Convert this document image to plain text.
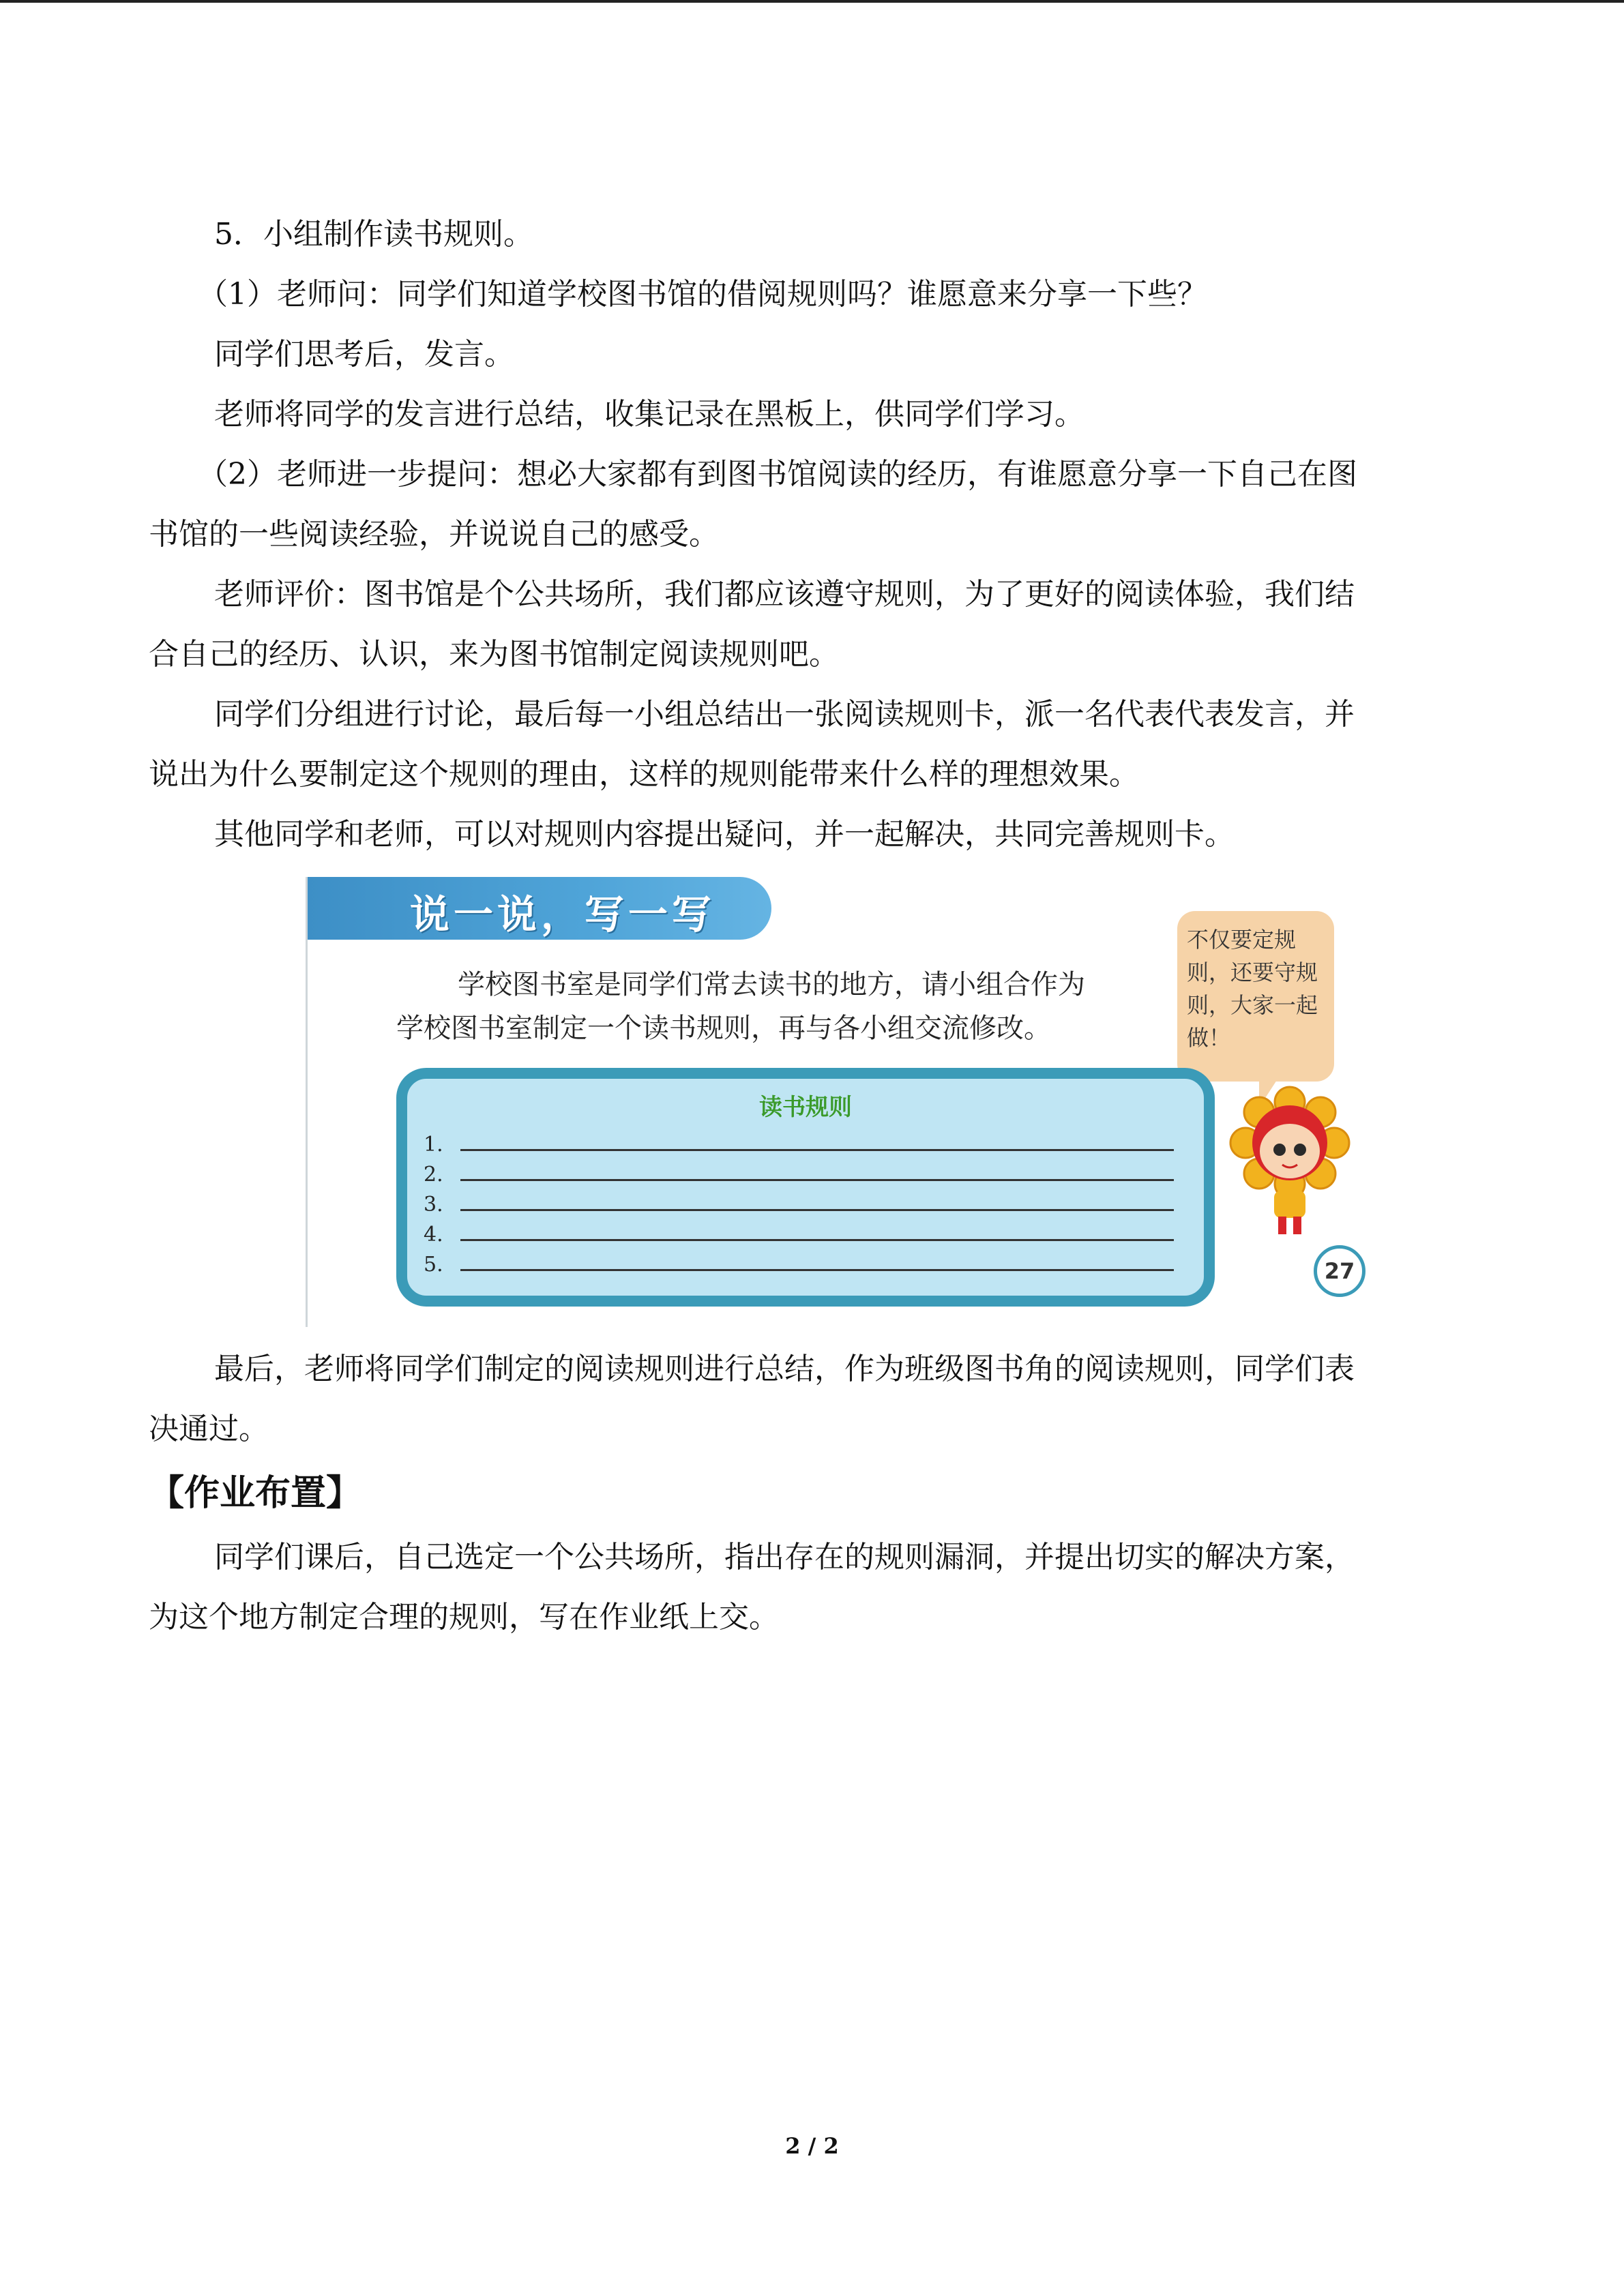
5．小组制作读书规则。

（1）老师问：同学们知道学校图书馆的借阅规则吗？谁愿意来分享一下些？

同学们思考后，发言。

老师将同学的发言进行总结，收集记录在黑板上，供同学们学习。

（2）老师进一步提问：想必大家都有到图书馆阅读的经历，有谁愿意分享一下自己在图

书馆的一些阅读经验，并说说自己的感受。

老师评价：图书馆是个公共场所，我们都应该遵守规则，为了更好的阅读体验，我们结

合自己的经历、认识，来为图书馆制定阅读规则吧。

同学们分组进行讨论，最后每一小组总结出一张阅读规则卡，派一名代表代表发言，并

说出为什么要制定这个规则的理由，这样的规则能带来什么样的理想效果。

其他同学和老师，可以对规则内容提出疑问，并一起解决，共同完善规则卡。

说一说，写一写
学校图书室是同学们常去读书的地方，请小组合作为
学校图书室制定一个读书规则，再与各小组交流修改。
不仅要定规则，还要守规则，大家一起做！
读书规则
1.
2.
3.
4.
5.	27

最后，老师将同学们制定的阅读规则进行总结，作为班级图书角的阅读规则，同学们表

决通过。

【作业布置】

同学们课后，自己选定一个公共场所，指出存在的规则漏洞，并提出切实的解决方案，

为这个地方制定合理的规则，写在作业纸上交。

2 / 2
